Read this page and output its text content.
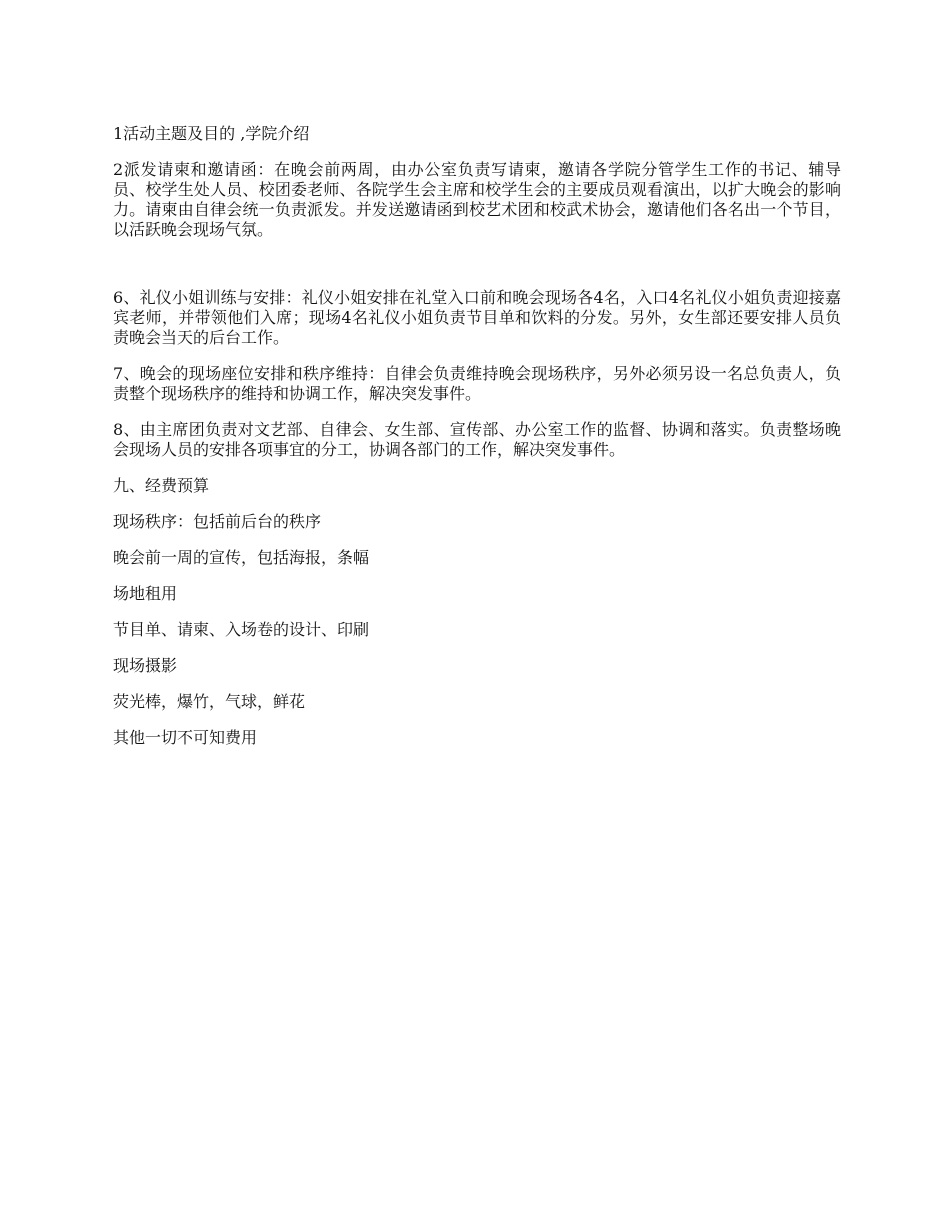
1活动主题及目的 ,学院介绍

2派发请柬和邀请函：在晚会前两周，由办公室负责写请柬，邀请各学院分管学生工作的书记、辅导员、校学生处人员、校团委老师、各院学生会主席和校学生会的主要成员观看演出，以扩大晚会的影响力。请柬由自律会统一负责派发。并发送邀请函到校艺术团和校武术协会，邀请他们各名出一个节目，以活跃晚会现场气氛。

6、礼仪小姐训练与安排：礼仪小姐安排在礼堂入口前和晚会现场各4名，入口4名礼仪小姐负责迎接嘉宾老师，并带领他们入席；现场4名礼仪小姐负责节目单和饮料的分发。另外，女生部还要安排人员负责晚会当天的后台工作。

7、晚会的现场座位安排和秩序维持：自律会负责维持晚会现场秩序，另外必须另设一名总负责人，负责整个现场秩序的维持和协调工作，解决突发事件。

8、由主席团负责对文艺部、自律会、女生部、宣传部、办公室工作的监督、协调和落实。负责整场晚会现场人员的安排各项事宜的分工，协调各部门的工作，解决突发事件。

九、经费预算

现场秩序：包括前后台的秩序

晚会前一周的宣传，包括海报，条幅

场地租用

节目单、请柬、入场卷的设计、印刷

现场摄影

荧光棒，爆竹，气球，鲜花

其他一切不可知费用
